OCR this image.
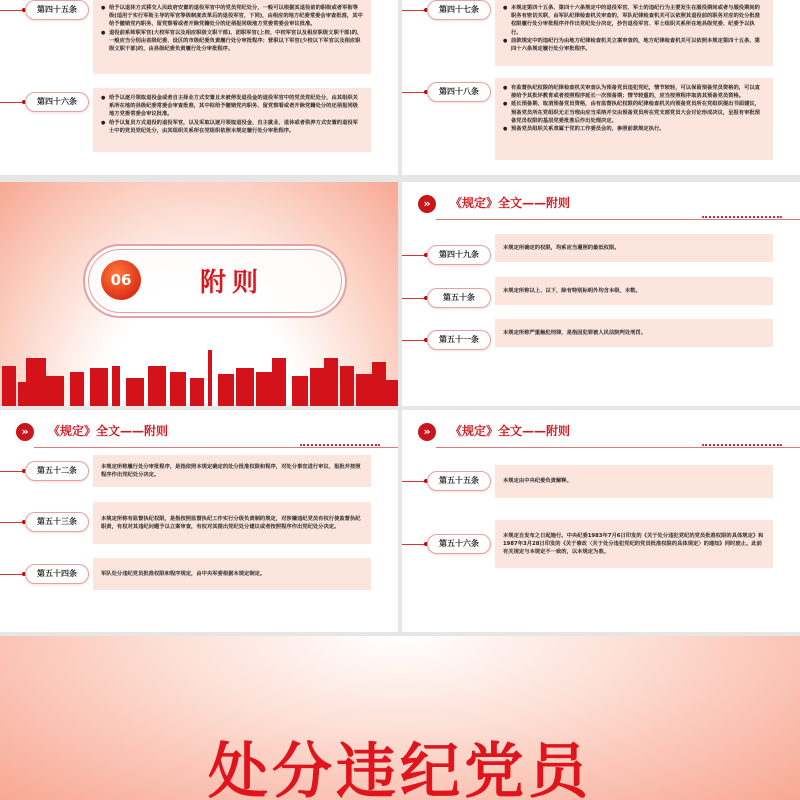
第四十五条	● 给予以退休方式移交人民政府安置的退役军官中的党员党纪处分，一般可以根据其退役前的职级或者军衔等级(适用于实行军衔主导的军官等级制度改革后的退役军官，下同)，由相应的地方纪委常委会审查批准，其中给予撤销党内职务、留党察看或者开除党籍处分的还须报同级地方党委常委会审议批准。
● 退役前系师职军官(大校军官以及相应职级文职干部)、团职军官(上校、中校军官以及相应职级文职干部)的，一般应当分别由省级纪委、设区的市级纪委负责履行处分审批程序；营职以下军官(少校以下军官以及相应职级文职干部)的，由县级纪委负责履行处分审批程序。
第四十六条	● 给予以逐月领取退役金或者自主择业方式安置且未被停发退役金的退役军官中的党员党纪处分，由其组织关系所在地的县级纪委常委会审查批准，其中拟给予撤销党内职务、留党察看或者开除党籍处分的还须报同级地方党委常委会审议批准。
● 给予以复员方式退役的退役军官，以及采取以逐月领取退役金、自主就业、退休或者供养方式安置的退役军士中的党员党纪处分，由其组织关系所在党组织依照本规定履行处分审批程序。
第四十七条	● 本规定第四十五条、第四十六条规定中的退役军官、军士的违纪行为主要发生在服役期间或者与服役期间的职务有密切关联，由军队纪律检查机关审查的，军队纪律检查机关可以依照其退役前的职务对应的处分批准权限履行处分审批程序并作出党纪处分决定，抄告退役军官、军士组织关系所在地县级党委、纪委予以执行。
● 前款规定中的违纪行为由地方纪律检查机关立案审查的，地方纪律检查机关可以依照本规定第四十五条、第四十六条规定履行处分审批程序。
第四十八条	● 有监督执纪权限的纪律检查机关审查认为预备党员违犯党纪，情节较轻，可以保留预备党员资格的，可以直接给予其批评教育或者按照程序延长一次预备期；情节较重的，应当按照程序取消其预备党员资格。
● 延长预备期、取消预备党员资格，由有监督执纪权限的纪律检查机关向预备党员所在党组织提出书面建议，预备党员所在党组织无正当理由应当采纳并交由预备党员所在党支部党员大会讨论形成决议，呈报有审批预备党员权限的基层党委批准后作出处理决定。
● 预备党员组织关系隶属于党的工作委员会的，参照前款规定执行。
06	附则
»	《规定》全文——附则
第四十九条
本规定所确定的权限，均系应当遵照的最低权限。
第五十条
本规定所称以上、以下，除有特别标明外均含本级、本数。
第五十一条
本规定所称严重触犯刑律，是指因犯罪被人民法院判处刑罚。
»	《规定》全文——附则
第五十二条	本规定所称履行处分审批程序，是指依照本规定确定的处分批准权限和程序，对处分事宜进行审议、报批并按照程序作出党纪处分决定。
第五十三条	本规定所称有监督执纪权限，是指按照监督执纪工作实行分级负责制的规定，对涉嫌违纪党员有权行使监督执纪职责，有权对其违纪问题予以立案审查，有权对其提出党纪处分建议或者按照程序作出党纪处分决定。
第五十四条	军队处分违纪党员批准权限和程序规定，由中央军委根据本规定制定。
»	《规定》全文——附则
第五十五条	本规定由中央纪委负责解释。
第五十六条
本规定自发布之日起施行。中央纪委1983年7月6日印发的《关于处分违犯党纪的党员批准权限的具体规定》和1987年3月28日印发的《关于修改〈关于处分违犯党纪的党员批准权限的具体规定〉的通知》同时废止。此前有关规定与本规定不一致的，以本规定为准。
处分违纪党员
